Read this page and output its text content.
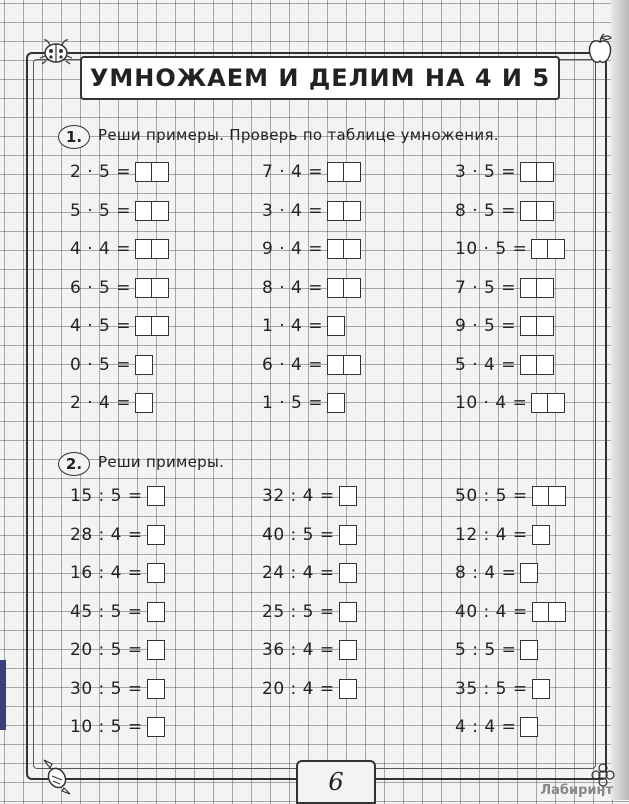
УМНОЖАЕМ И ДЕЛИМ НА 4 И 5
1.	Реши примеры. Проверь по таблице умножения.
2 · 5 =
5 · 5 =
4 · 4 =
6 · 5 =
4 · 5 =
0 · 5 =
2 · 4 =
7 · 4 =
3 · 4 =
9 · 4 =
8 · 4 =
1 · 4 =
6 · 4 =
1 · 5 =
3 · 5 =
8 · 5 =
10 · 5 =
7 · 5 =
9 · 5 =
5 · 4 =
10 · 4 =
2.	Реши примеры.
15 : 5 =
28 : 4 =
16 : 4 =
45 : 5 =
20 : 5 =
30 : 5 =
10 : 5 =
32 : 4 =
40 : 5 =
24 : 4 =
25 : 5 =
36 : 4 =
20 : 4 =
50 : 5 =
12 : 4 =
8 : 4 =
40 : 4 =
5 : 5 =
35 : 5 =
4 : 4 =
6	Лабиринт
